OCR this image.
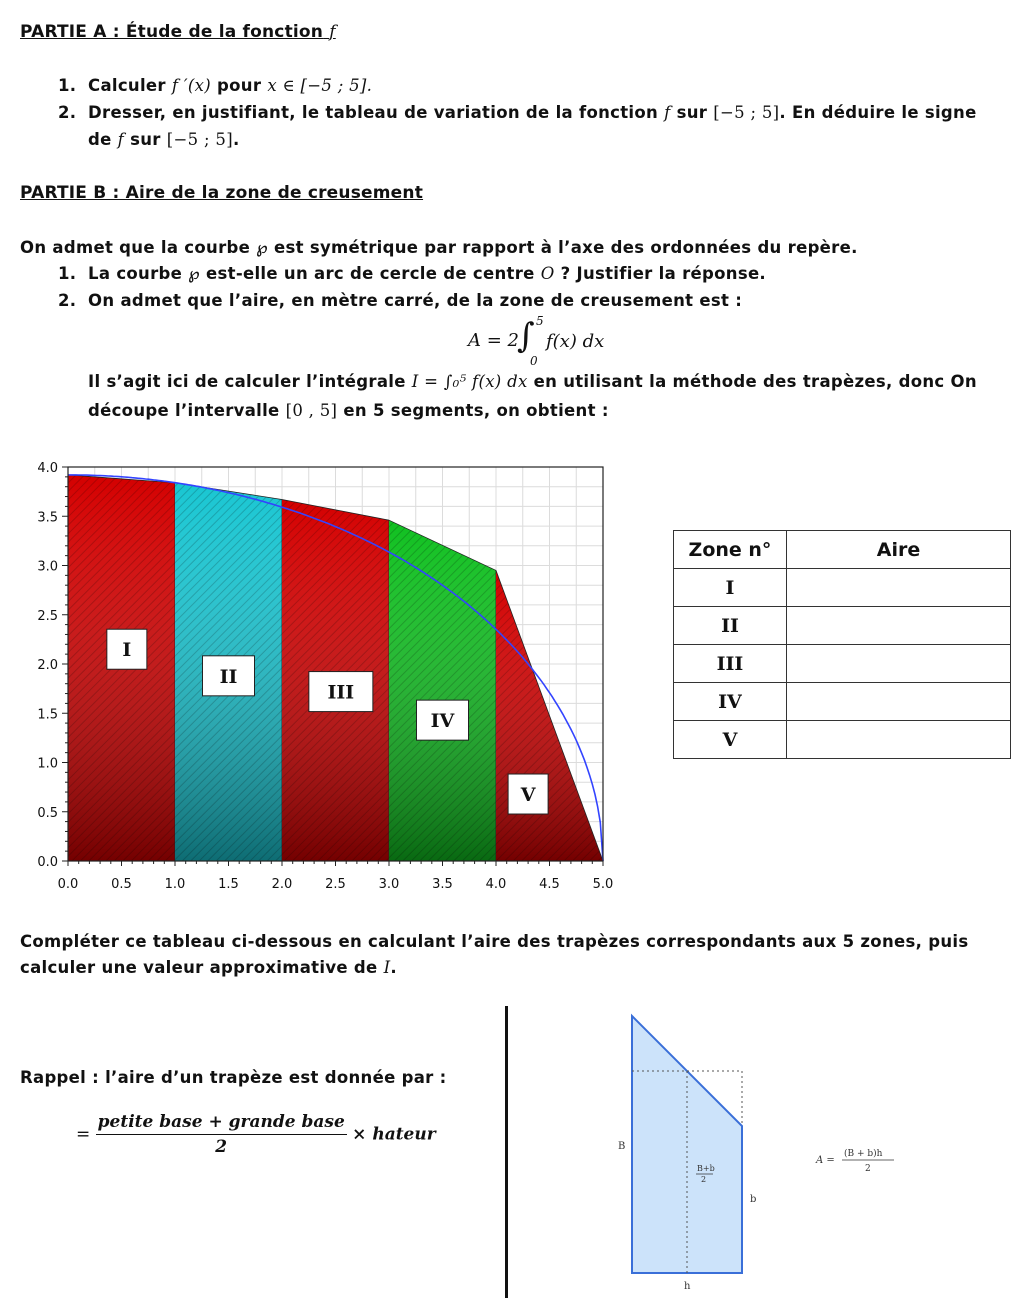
PARTIE A : Étude de la fonction f
1. Calculer f ′(x) pour x ∈ [−5 ; 5].
2. Dresser, en justifiant, le tableau de variation de la fonction f sur [−5 ; 5]. En déduire le signe
de f sur [−5 ; 5].
PARTIE B : Aire de la zone de creusement
On admet que la courbe ℘ est symétrique par rapport à l’axe des ordonnées du repère.
1. La courbe ℘ est-elle un arc de cercle de centre O ? Justifier la réponse.
2. On admet que l’aire, en mètre carré, de la zone de creusement est :
A = 2
∫ 5
0
f(x) dx
Il s’agit ici de calculer l’intégrale I = ∫₀⁵ f(x) dx en utilisant la méthode des trapèzes, donc On
découpe l’intervalle [0 , 5] en 5 segments, on obtient :
0.0	0.5	1.0	1.5	2.0	2.5	3.0	3.5	4.0	4.5	5.0
0.0
0.5
1.0
1.5
2.0
2.5
3.0
3.5
4.0
I
II
III
IV
V
Zone n°	Aire
I	
II	
III	
IV	
V	
Compléter ce tableau ci-dessous en calculant l’aire des trapèzes correspondants aux 5 zones, puis
calculer une valeur approximative de I.
Rappel : l’aire d’un trapèze est donnée par :
= $\frac{\text{petite base + grande base}}{2}$ × hateur
B
b
h
B+b
2
A =
(B + b)h
2
